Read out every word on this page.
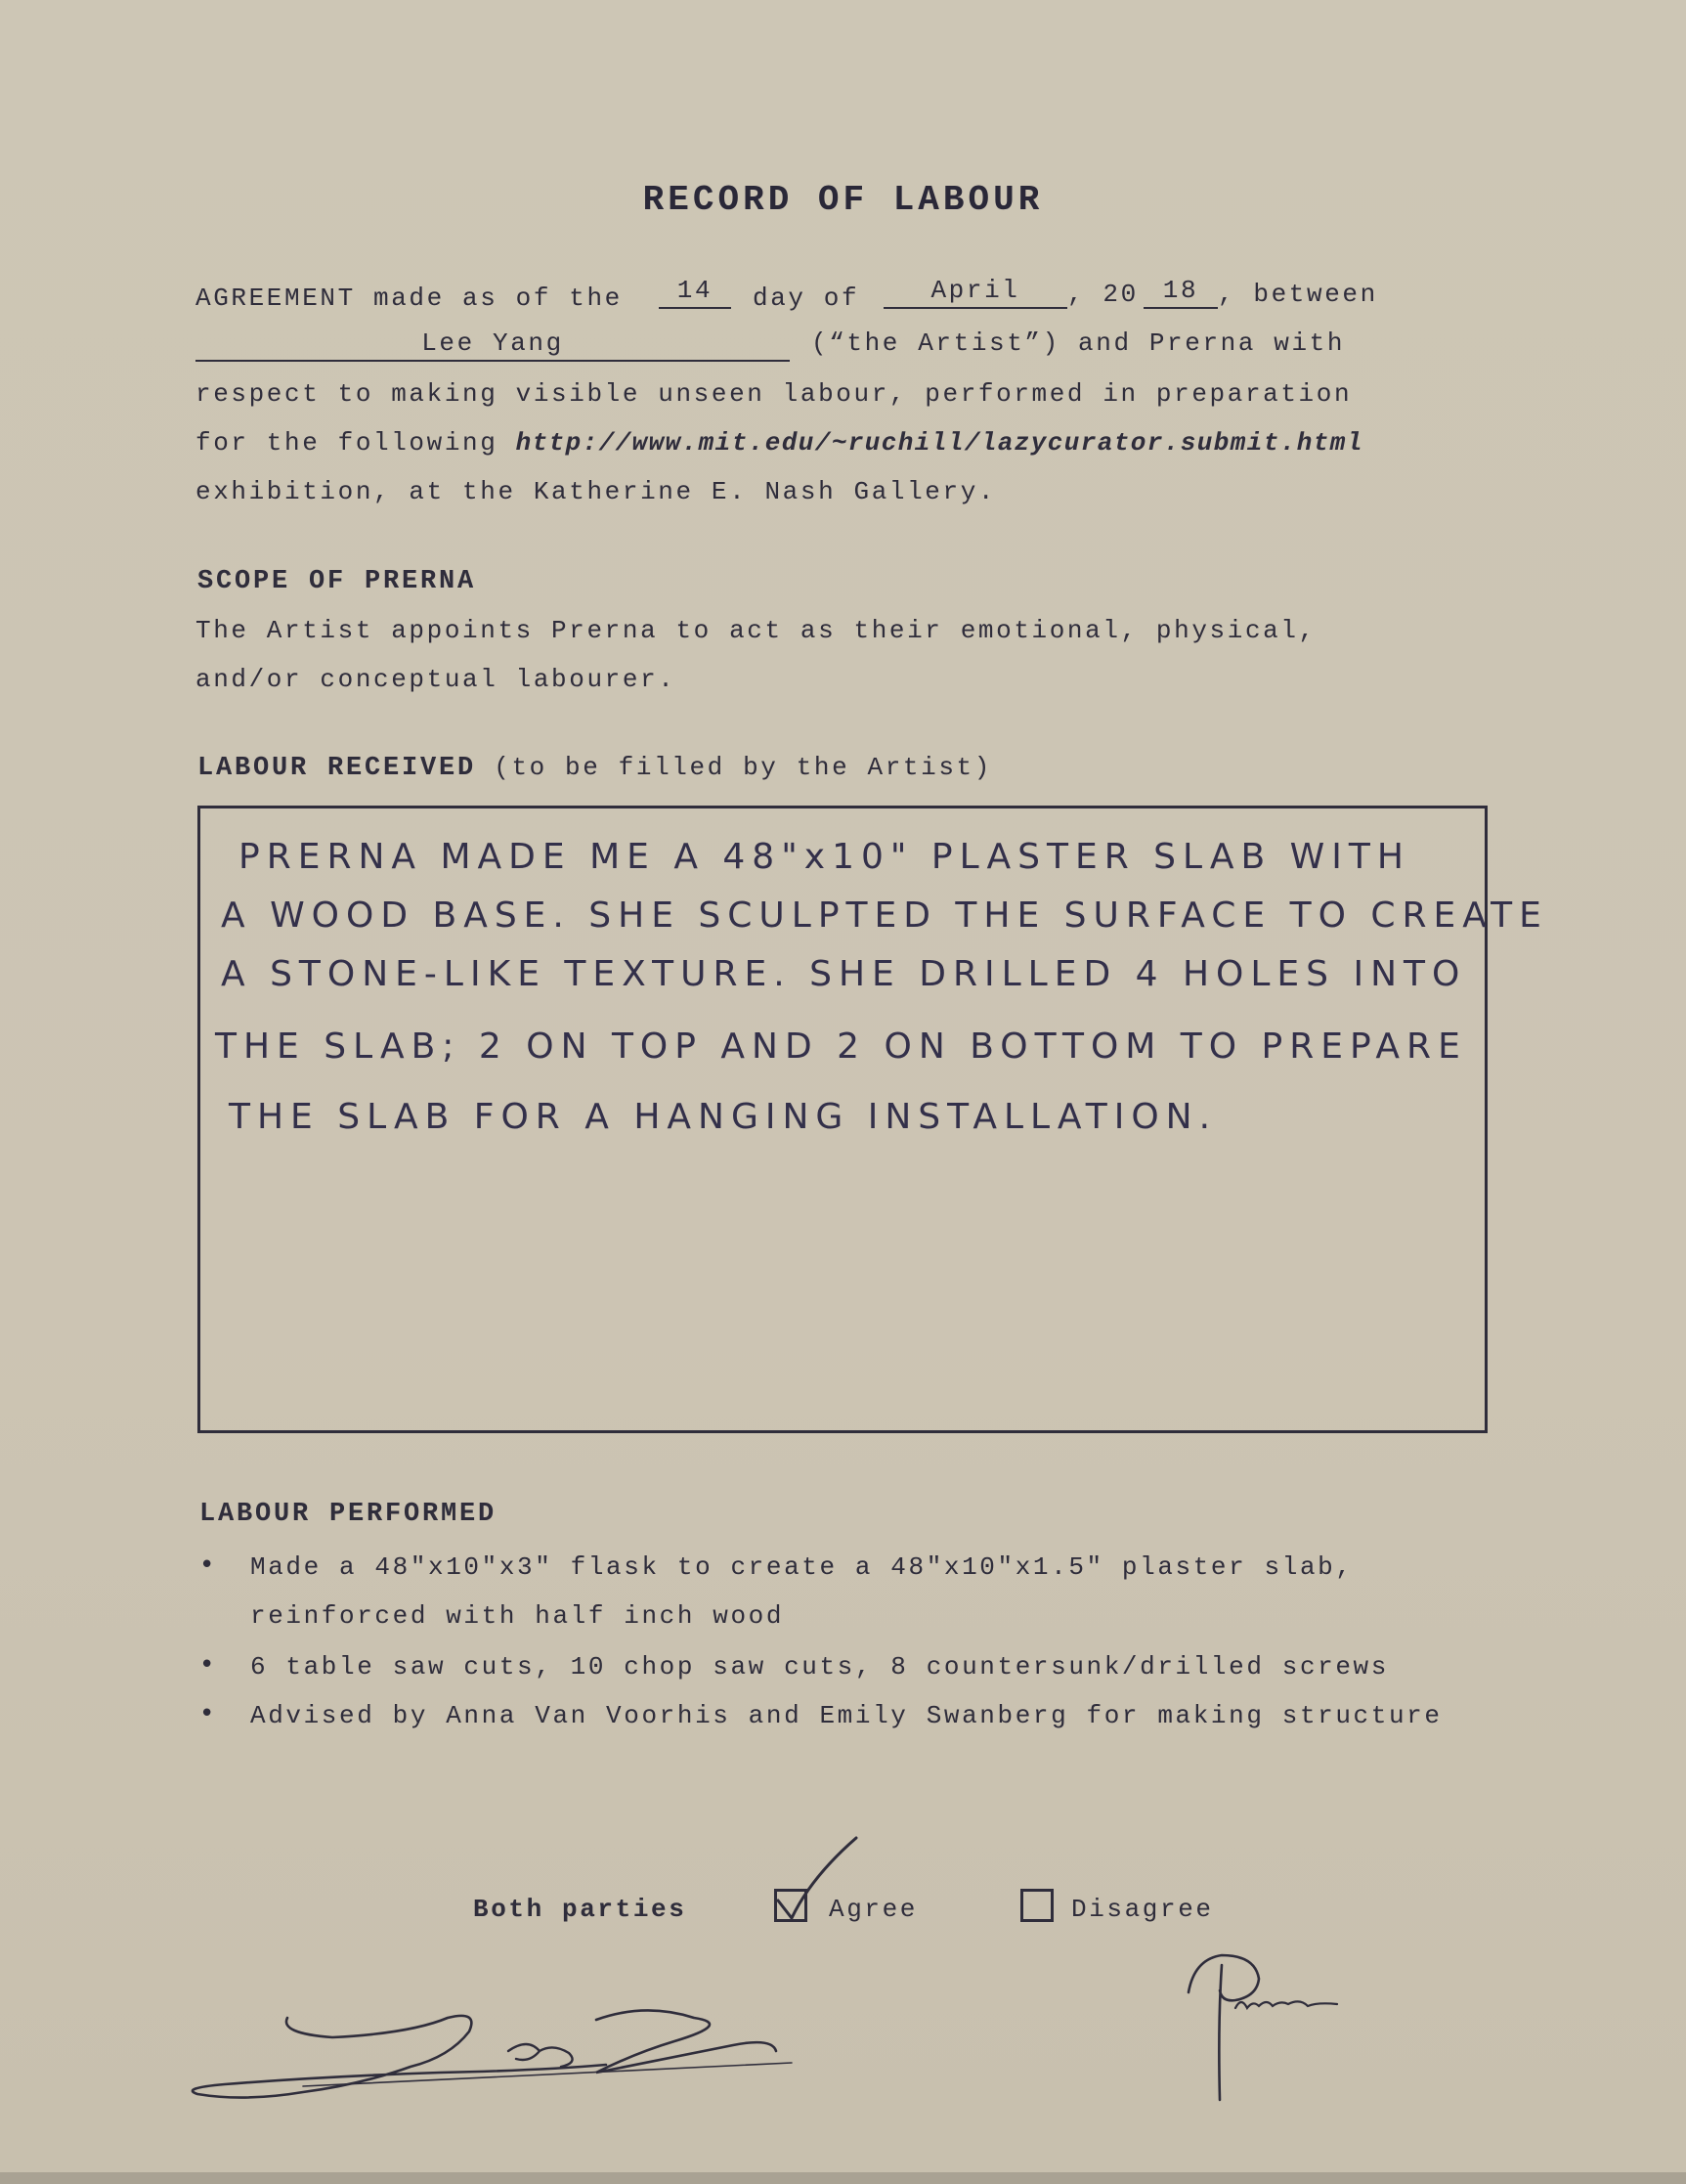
RECORD OF LABOUR
AGREEMENT made as of the	14	day of	April	, 20 18 , between
Lee Yang	(“the Artist”) and Prerna with
respect to making visible unseen labour, performed in preparation
for the following http://www.mit.edu/~ruchill/lazycurator.submit.html
exhibition, at the Katherine E. Nash Gallery.
SCOPE OF PRERNA
The Artist appoints Prerna to act as their emotional, physical,
and/or conceptual labourer.
LABOUR RECEIVED (to be filled by the Artist)
PRERNA MADE ME A 48"x10" PLASTER SLAB WITH
A WOOD BASE. SHE SCULPTED THE SURFACE TO CREATE
A STONE-LIKE TEXTURE. SHE DRILLED 4 HOLES INTO
THE SLAB; 2 ON TOP AND 2 ON BOTTOM TO PREPARE
THE SLAB FOR A HANGING INSTALLATION.
LABOUR PERFORMED
• Made a 48″x10″x3″ flask to create a 48″x10″x1.5″ plaster slab,
reinforced with half inch wood
• 6 table saw cuts, 10 chop saw cuts, 8 countersunk/drilled screws
• Advised by Anna Van Voorhis and Emily Swanberg for making structure
Both parties	Agree	Disagree
